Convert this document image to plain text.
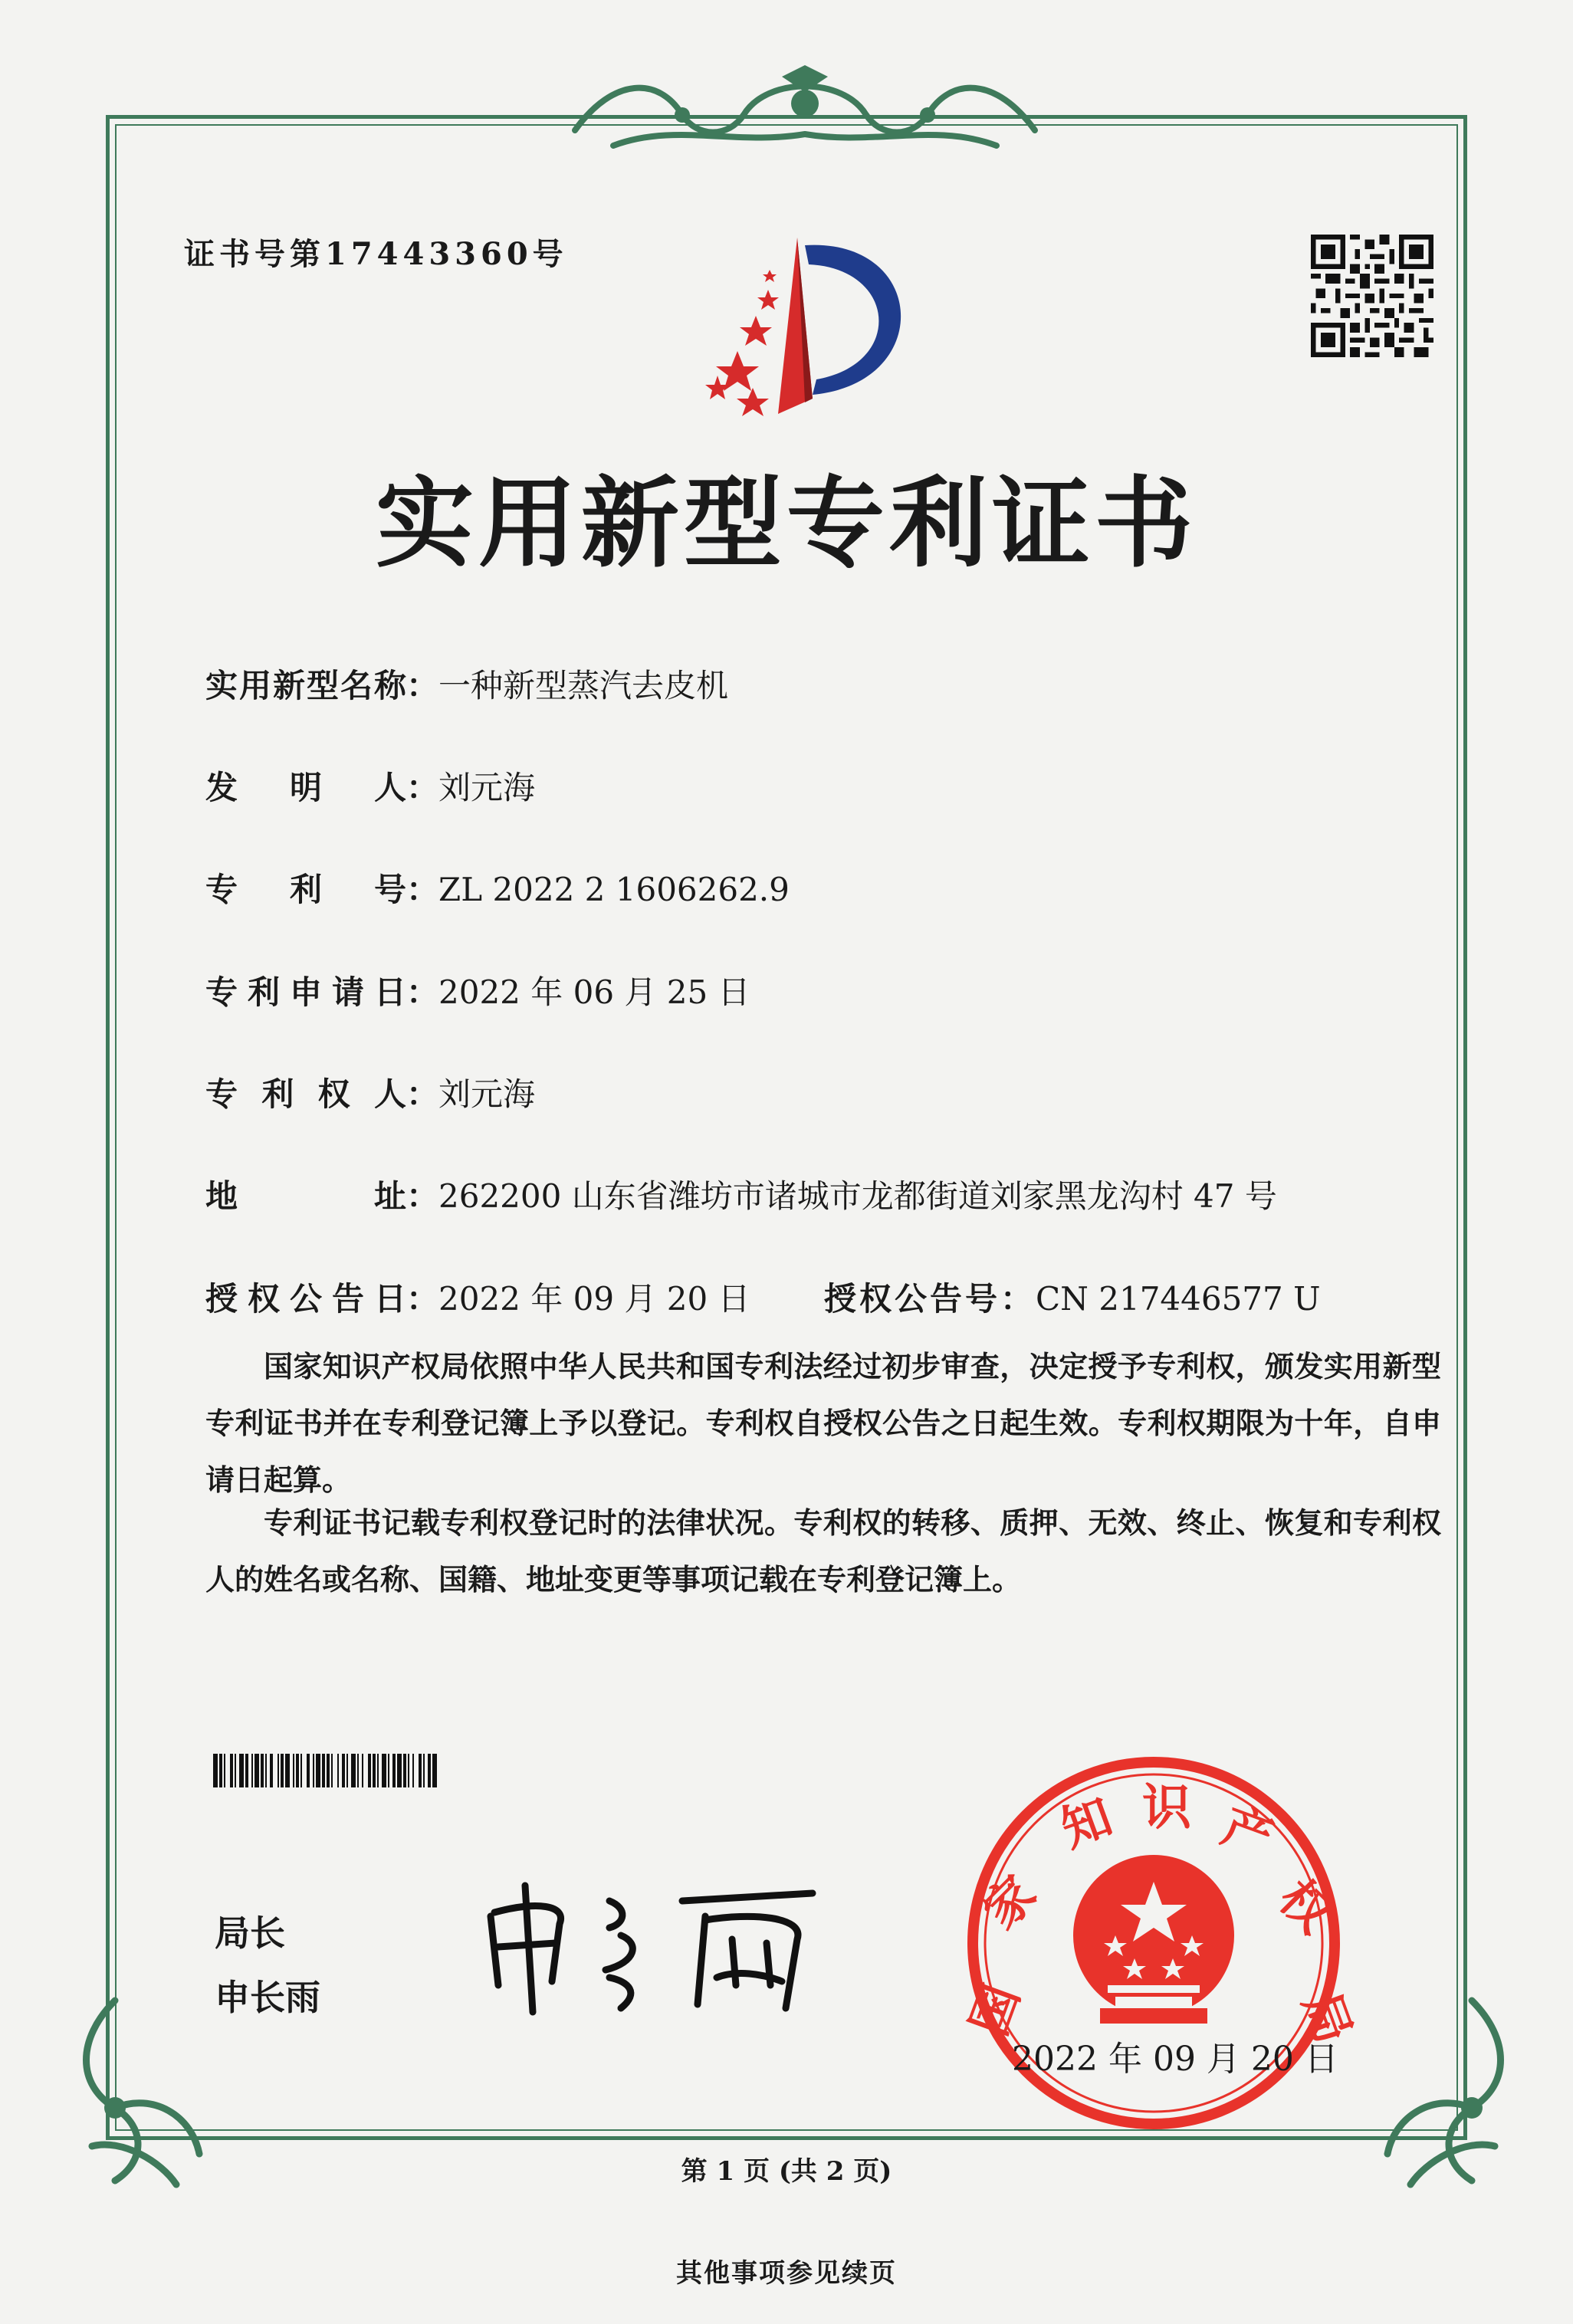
证书号第17443360号
实用新型专利证书
实用新型名称：一种新型蒸汽去皮机
发明人：刘元海
专利号：ZL 2022 2 1606262.9
专利申请日：2022 年 06 月 25 日
专利权人：刘元海
地址：262200 山东省潍坊市诸城市龙都街道刘家黑龙沟村 47 号
授权公告日：2022 年 09 月 20 日 授权公告号：CN 217446577 U
国家知识产权局依照中华人民共和国专利法经过初步审查，决定授予专利权，颁发实用新型专利证书并在专利登记簿上予以登记。专利权自授权公告之日起生效。专利权期限为十年，自申请日起算。
专利证书记载专利权登记时的法律状况。专利权的转移、质押、无效、终止、恢复和专利权人的姓名或名称、国籍、地址变更等事项记载在专利登记簿上。
局长
申长雨	国
家
知 识 产
权
局
2022 年 09 月 20 日
第 1 页 (共 2 页)
其他事项参见续页
